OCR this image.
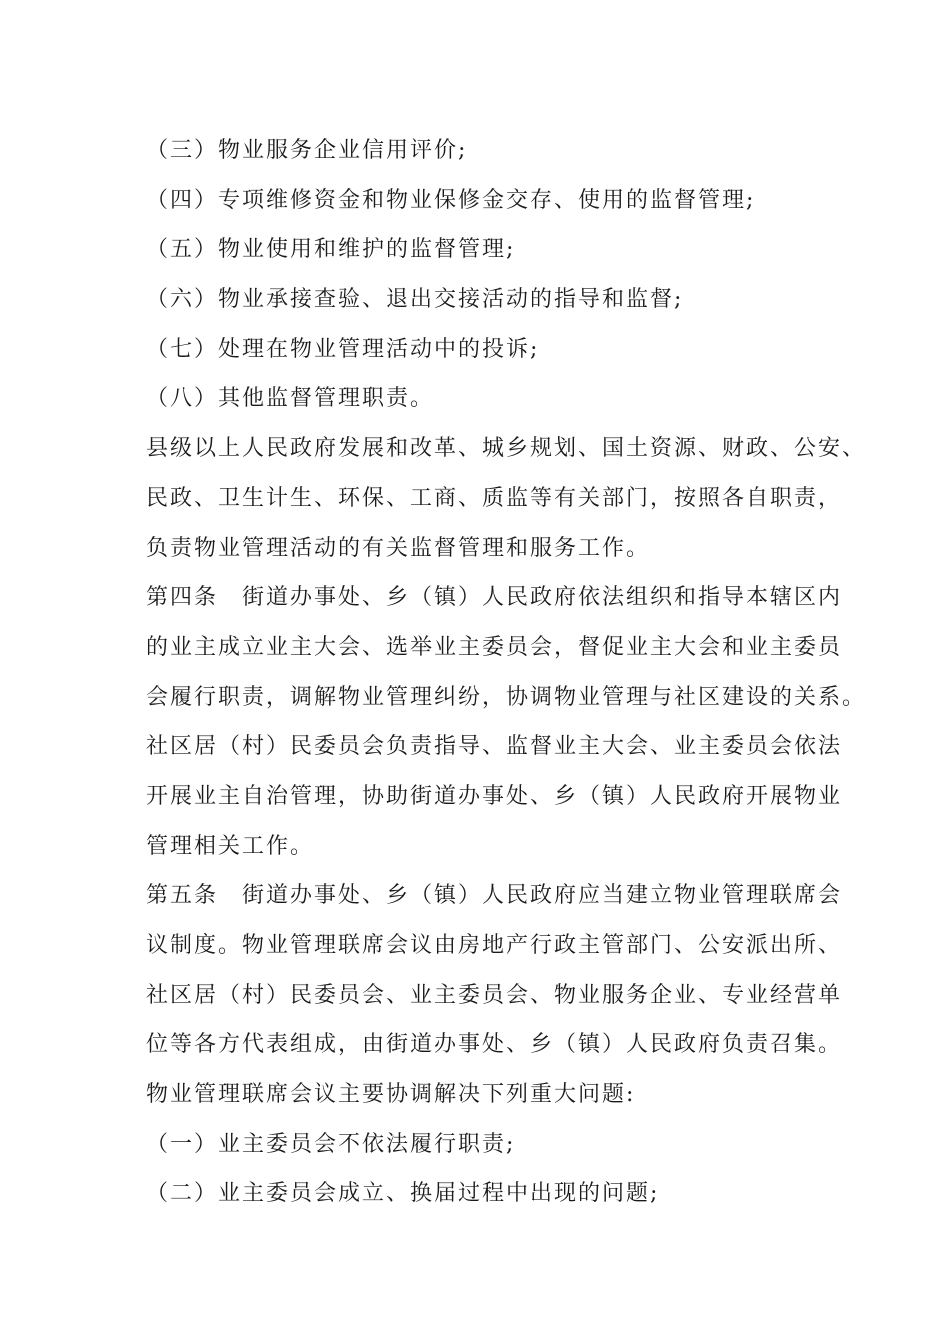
（三）物业服务企业信用评价;
（四）专项维修资金和物业保修金交存、使用的监督管理;
（五）物业使用和维护的监督管理;
（六）物业承接查验、退出交接活动的指导和监督;
（七）处理在物业管理活动中的投诉;
（八）其他监督管理职责。
县级以上人民政府发展和改革、城乡规划、国土资源、财政、公安、
民政、卫生计生、环保、工商、质监等有关部门，按照各自职责，
负责物业管理活动的有关监督管理和服务工作。
第四条　街道办事处、乡（镇）人民政府依法组织和指导本辖区内
的业主成立业主大会、选举业主委员会，督促业主大会和业主委员
会履行职责，调解物业管理纠纷，协调物业管理与社区建设的关系。
社区居（村）民委员会负责指导、监督业主大会、业主委员会依法
开展业主自治管理，协助街道办事处、乡（镇）人民政府开展物业
管理相关工作。
第五条　街道办事处、乡（镇）人民政府应当建立物业管理联席会
议制度。物业管理联席会议由房地产行政主管部门、公安派出所、
社区居（村）民委员会、业主委员会、物业服务企业、专业经营单
位等各方代表组成，由街道办事处、乡（镇）人民政府负责召集。
物业管理联席会议主要协调解决下列重大问题:
（一）业主委员会不依法履行职责;
（二）业主委员会成立、换届过程中出现的问题;
